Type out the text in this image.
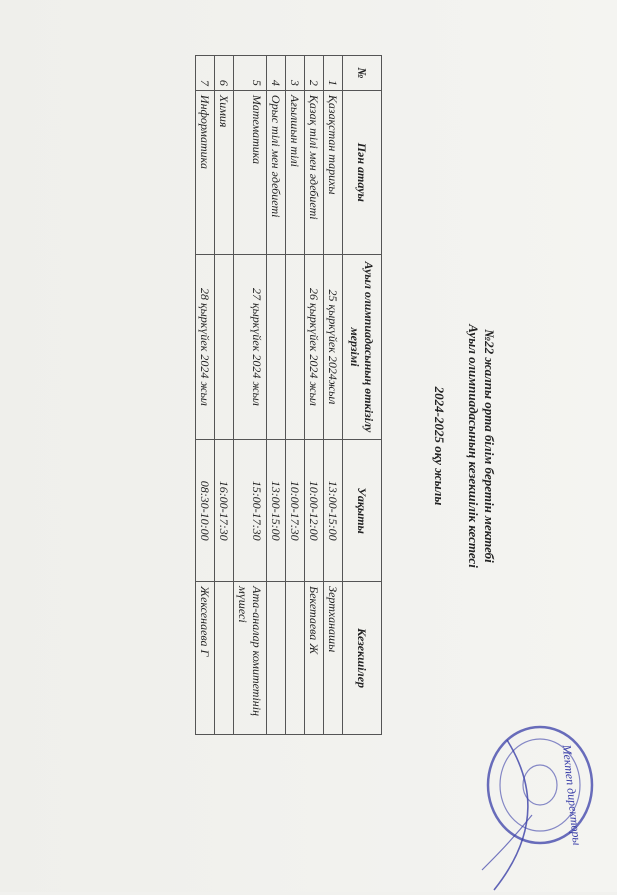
№22 жалпы орта білім беретін мектебі
Ауыл олимпиадасының кезекшілік кестесі
2024-2025 оқу жылы
№	Пән атауы	Ауыл олимпиадасының өткізілу мерзімі	Уақыты	Кезекшілер
1	Қазақстан тарихы	25 қыркүйек 2024жыл	13:00-15:00	Зертханашы
2	Қазақ тілі мен әдебиеті	26 қыркүйек 2024 жыл	10:00-12:00	Бекетаева Ж
3	Ағылшын тілі		10:00-17:30	
4	Орыс тілі мен әдебиеті		13:00-15:00	
5	Математика	27 қыркүйек 2024 жыл	15:00-17:30	Ата-аналар комитетінің мүшесі
6	Химия		16:00-17:30	
7	Информатика	28 қыркүйек 2024 жыл	08:30-10:00	Жексенаева Г
Мектеп директоры
